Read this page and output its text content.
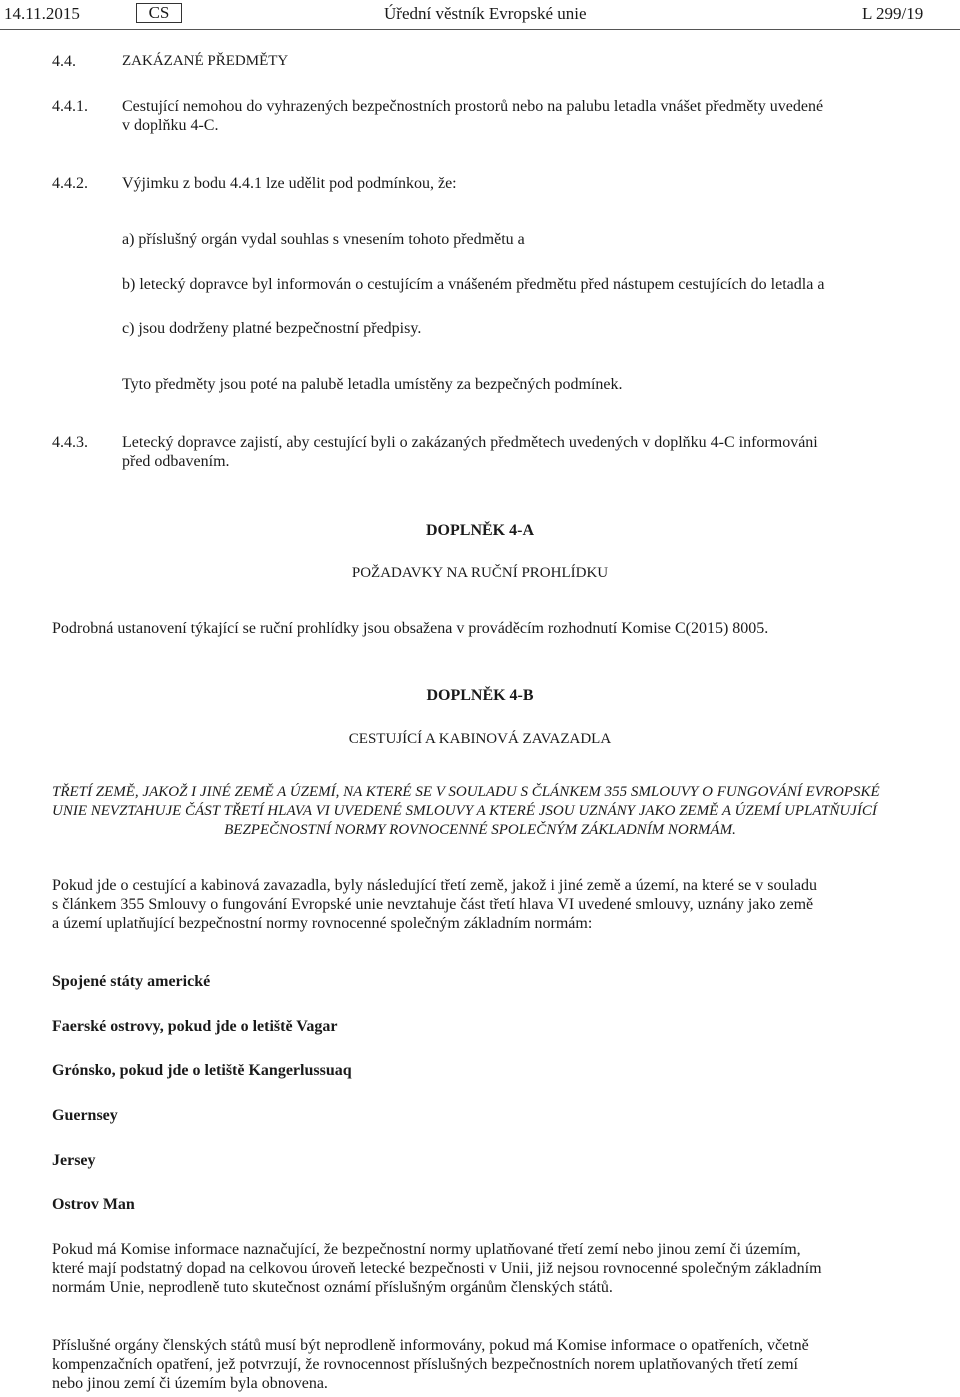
14.11.2015	CS	Úřední věstník Evropské unie	L 299/19
4.4.	ZAKÁZANÉ PŘEDMĚTY
4.4.1. Cestující nemohou do vyhrazených bezpečnostních prostorů nebo na palubu letadla vnášet předměty uvedené
v doplňku 4-C.
4.4.2. Výjimku z bodu 4.4.1 lze udělit pod podmínkou, že:
a) příslušný orgán vydal souhlas s vnesením tohoto předmětu a
b) letecký dopravce byl informován o cestujícím a vnášeném předmětu před nástupem cestujících do letadla a
c) jsou dodrženy platné bezpečnostní předpisy.
Tyto předměty jsou poté na palubě letadla umístěny za bezpečných podmínek.
4.4.3. Letecký dopravce zajistí, aby cestující byli o zakázaných předmětech uvedených v doplňku 4-C informováni
před odbavením.
DOPLNĚK 4-A
POŽADAVKY NA RUČNÍ PROHLÍDKU
Podrobná ustanovení týkající se ruční prohlídky jsou obsažena v prováděcím rozhodnutí Komise C(2015) 8005.
DOPLNĚK 4-B
CESTUJÍCÍ A KABINOVÁ ZAVAZADLA
TŘETÍ ZEMĚ, JAKOŽ I JINÉ ZEMĚ A ÚZEMÍ, NA KTERÉ SE V SOULADU S ČLÁNKEM 355 SMLOUVY O FUNGOVÁNÍ EVROPSKÉ
UNIE NEVZTAHUJE ČÁST TŘETÍ HLAVA VI UVEDENÉ SMLOUVY A KTERÉ JSOU UZNÁNY JAKO ZEMĚ A ÚZEMÍ UPLATŇUJÍCÍ
BEZPEČNOSTNÍ NORMY ROVNOCENNÉ SPOLEČNÝM ZÁKLADNÍM NORMÁM.
Pokud jde o cestující a kabinová zavazadla, byly následující třetí země, jakož i jiné země a území, na které se v souladu
s článkem 355 Smlouvy o fungování Evropské unie nevztahuje část třetí hlava VI uvedené smlouvy, uznány jako země
a území uplatňující bezpečnostní normy rovnocenné společným základním normám:
Spojené státy americké
Faerské ostrovy, pokud jde o letiště Vagar
Grónsko, pokud jde o letiště Kangerlussuaq
Guernsey
Jersey
Ostrov Man
Pokud má Komise informace naznačující, že bezpečnostní normy uplatňované třetí zemí nebo jinou zemí či územím,
které mají podstatný dopad na celkovou úroveň letecké bezpečnosti v Unii, již nejsou rovnocenné společným základním
normám Unie, neprodleně tuto skutečnost oznámí příslušným orgánům členských států.
Příslušné orgány členských států musí být neprodleně informovány, pokud má Komise informace o opatřeních, včetně
kompenzačních opatření, jež potvrzují, že rovnocennost příslušných bezpečnostních norem uplatňovaných třetí zemí
nebo jinou zemí či územím byla obnovena.
